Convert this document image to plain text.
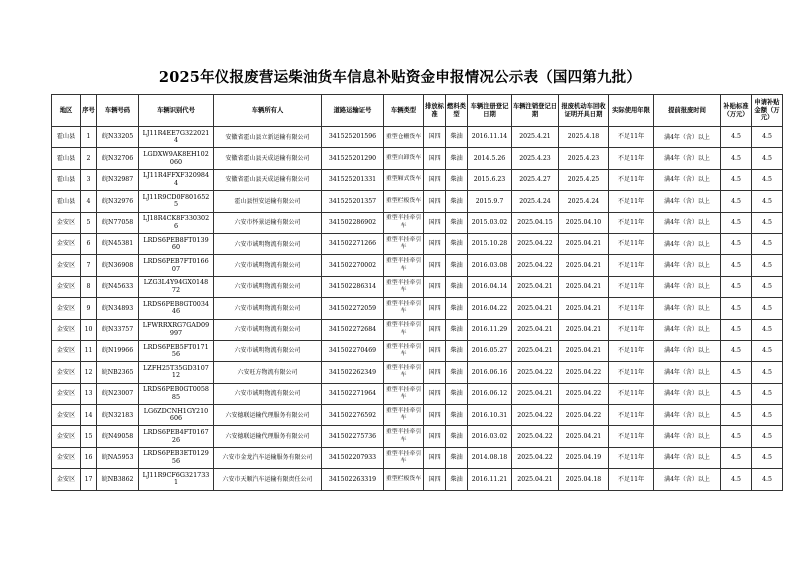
2025年仪报废营运柴油货车信息补贴资金申报情况公示表（国四第九批）
地区	序号	车辆号码	车辆识别代号	车辆所有人	道路运输证号	车辆类型	排放标准	燃料类型	车辆注册登记日期	车辆注销登记日期	报废机动车回收证明开具日期	实际使用年限	提前报废时间	补贴标准（万元）	申请补贴金额（万元）
霍山县	1	皖N33205	LJ11R4EE7G3220214	安徽省霍山县立新运输有限公司	341525201596	重型仓栅货车	国四	柴油	2016.11.14	2025.4.21	2025.4.18	不足11年	满4年（含）以上	4.5	4.5
霍山县	2	皖N32706	LGDXW9AK8EH102060	安徽省霍山县天成运输有限公司	341525201290	重型自卸货车	国四	柴油	2014.5.26	2025.4.23	2025.4.23	不足11年	满4年（含）以上	4.5	4.5
霍山县	3	皖N32987	LJ11R4FFXF3209844	安徽省霍山县天成运输有限公司	341525201331	重型厢式货车	国四	柴油	2015.6.23	2025.4.27	2025.4.25	不足11年	满4年（含）以上	4.5	4.5
霍山县	4	皖N32976	LJ11R9CD0F8016525	霍山县恒安运输有限公司	341525201357	重型栏板货车	国四	柴油	2015.9.7	2025.4.24	2025.4.24	不足11年	满4年（含）以上	4.5	4.5
金安区	5	皖N77058	LJ18R4CK8F3303026	六安市怀景运输有限公司	341502286902	重型半挂牵引车	国四	柴油	2015.03.02	2025.04.15	2025.04.10	不足11年	满4年（含）以上	4.5	4.5
金安区	6	皖N45381	LRDS6PEB8FT013960	六安市诚明物流有限公司	341502271266	重型半挂牵引车	国四	柴油	2015.10.28	2025.04.22	2025.04.21	不足11年	满4年（含）以上	4.5	4.5
金安区	7	皖N36908	LRDS6PEB7FT016607	六安市诚明物流有限公司	341502270002	重型半挂牵引车	国四	柴油	2016.03.08	2025.04.22	2025.04.21	不足11年	满4年（含）以上	4.5	4.5
金安区	8	皖N45633	LZG3L4Y94GX014872	六安市诚明物流有限公司	341502286314	重型半挂牵引车	国四	柴油	2016.04.14	2025.04.21	2025.04.21	不足11年	满4年（含）以上	4.5	4.5
金安区	9	皖N34893	LRDS6PEB8GT003446	六安市诚明物流有限公司	341502272059	重型半挂牵引车	国四	柴油	2016.04.22	2025.04.21	2025.04.21	不足11年	满4年（含）以上	4.5	4.5
金安区	10	皖N33757	LFWRRXRG7GAD09997	六安市诚明物流有限公司	341502272684	重型半挂牵引车	国四	柴油	2016.11.29	2025.04.21	2025.04.21	不足11年	满4年（含）以上	4.5	4.5
金安区	11	皖N19966	LRDS6PEB5FT017156	六安市诚明物流有限公司	341502270469	重型半挂牵引车	国四	柴油	2016.05.27	2025.04.21	2025.04.21	不足11年	满4年（含）以上	4.5	4.5
金安区	12	皖NB2365	LZFH25T35GD310712	六安旺方物流有限公司	341502262349	重型半挂牵引车	国四	柴油	2016.06.16	2025.04.22	2025.04.22	不足11年	满4年（含）以上	4.5	4.5
金安区	13	皖N23007	LRDS6PEB0GT005885	六安市诚明物流有限公司	341502271964	重型半挂牵引车	国四	柴油	2016.06.12	2025.04.21	2025.04.22	不足11年	满4年（含）以上	4.5	4.5
金安区	14	皖N32183	LG6ZDCNH1GY210606	六安德联运输代理服务有限公司	341502276592	重型半挂牵引车	国四	柴油	2016.10.31	2025.04.22	2025.04.22	不足11年	满4年（含）以上	4.5	4.5
金安区	15	皖N49058	LRDS6PEB4FT016726	六安德联运输代理服务有限公司	341502275736	重型半挂牵引车	国四	柴油	2016.03.02	2025.04.22	2025.04.21	不足11年	满4年（含）以上	4.5	4.5
金安区	16	皖NA5953	LRDS6PEB3ET012956	六安市金龙汽车运输服务有限公司	341502207933	重型半挂牵引车	国四	柴油	2014.08.18	2025.04.22	2025.04.19	不足11年	满4年（含）以上	4.5	4.5
金安区	17	皖NB3862	LJ11R9CF6G3217331	六安市天顺汽车运输有限责任公司	341502263319	重型栏板货车	国四	柴油	2016.11.21	2025.04.21	2025.04.18	不足11年	满4年（含）以上	4.5	4.5
